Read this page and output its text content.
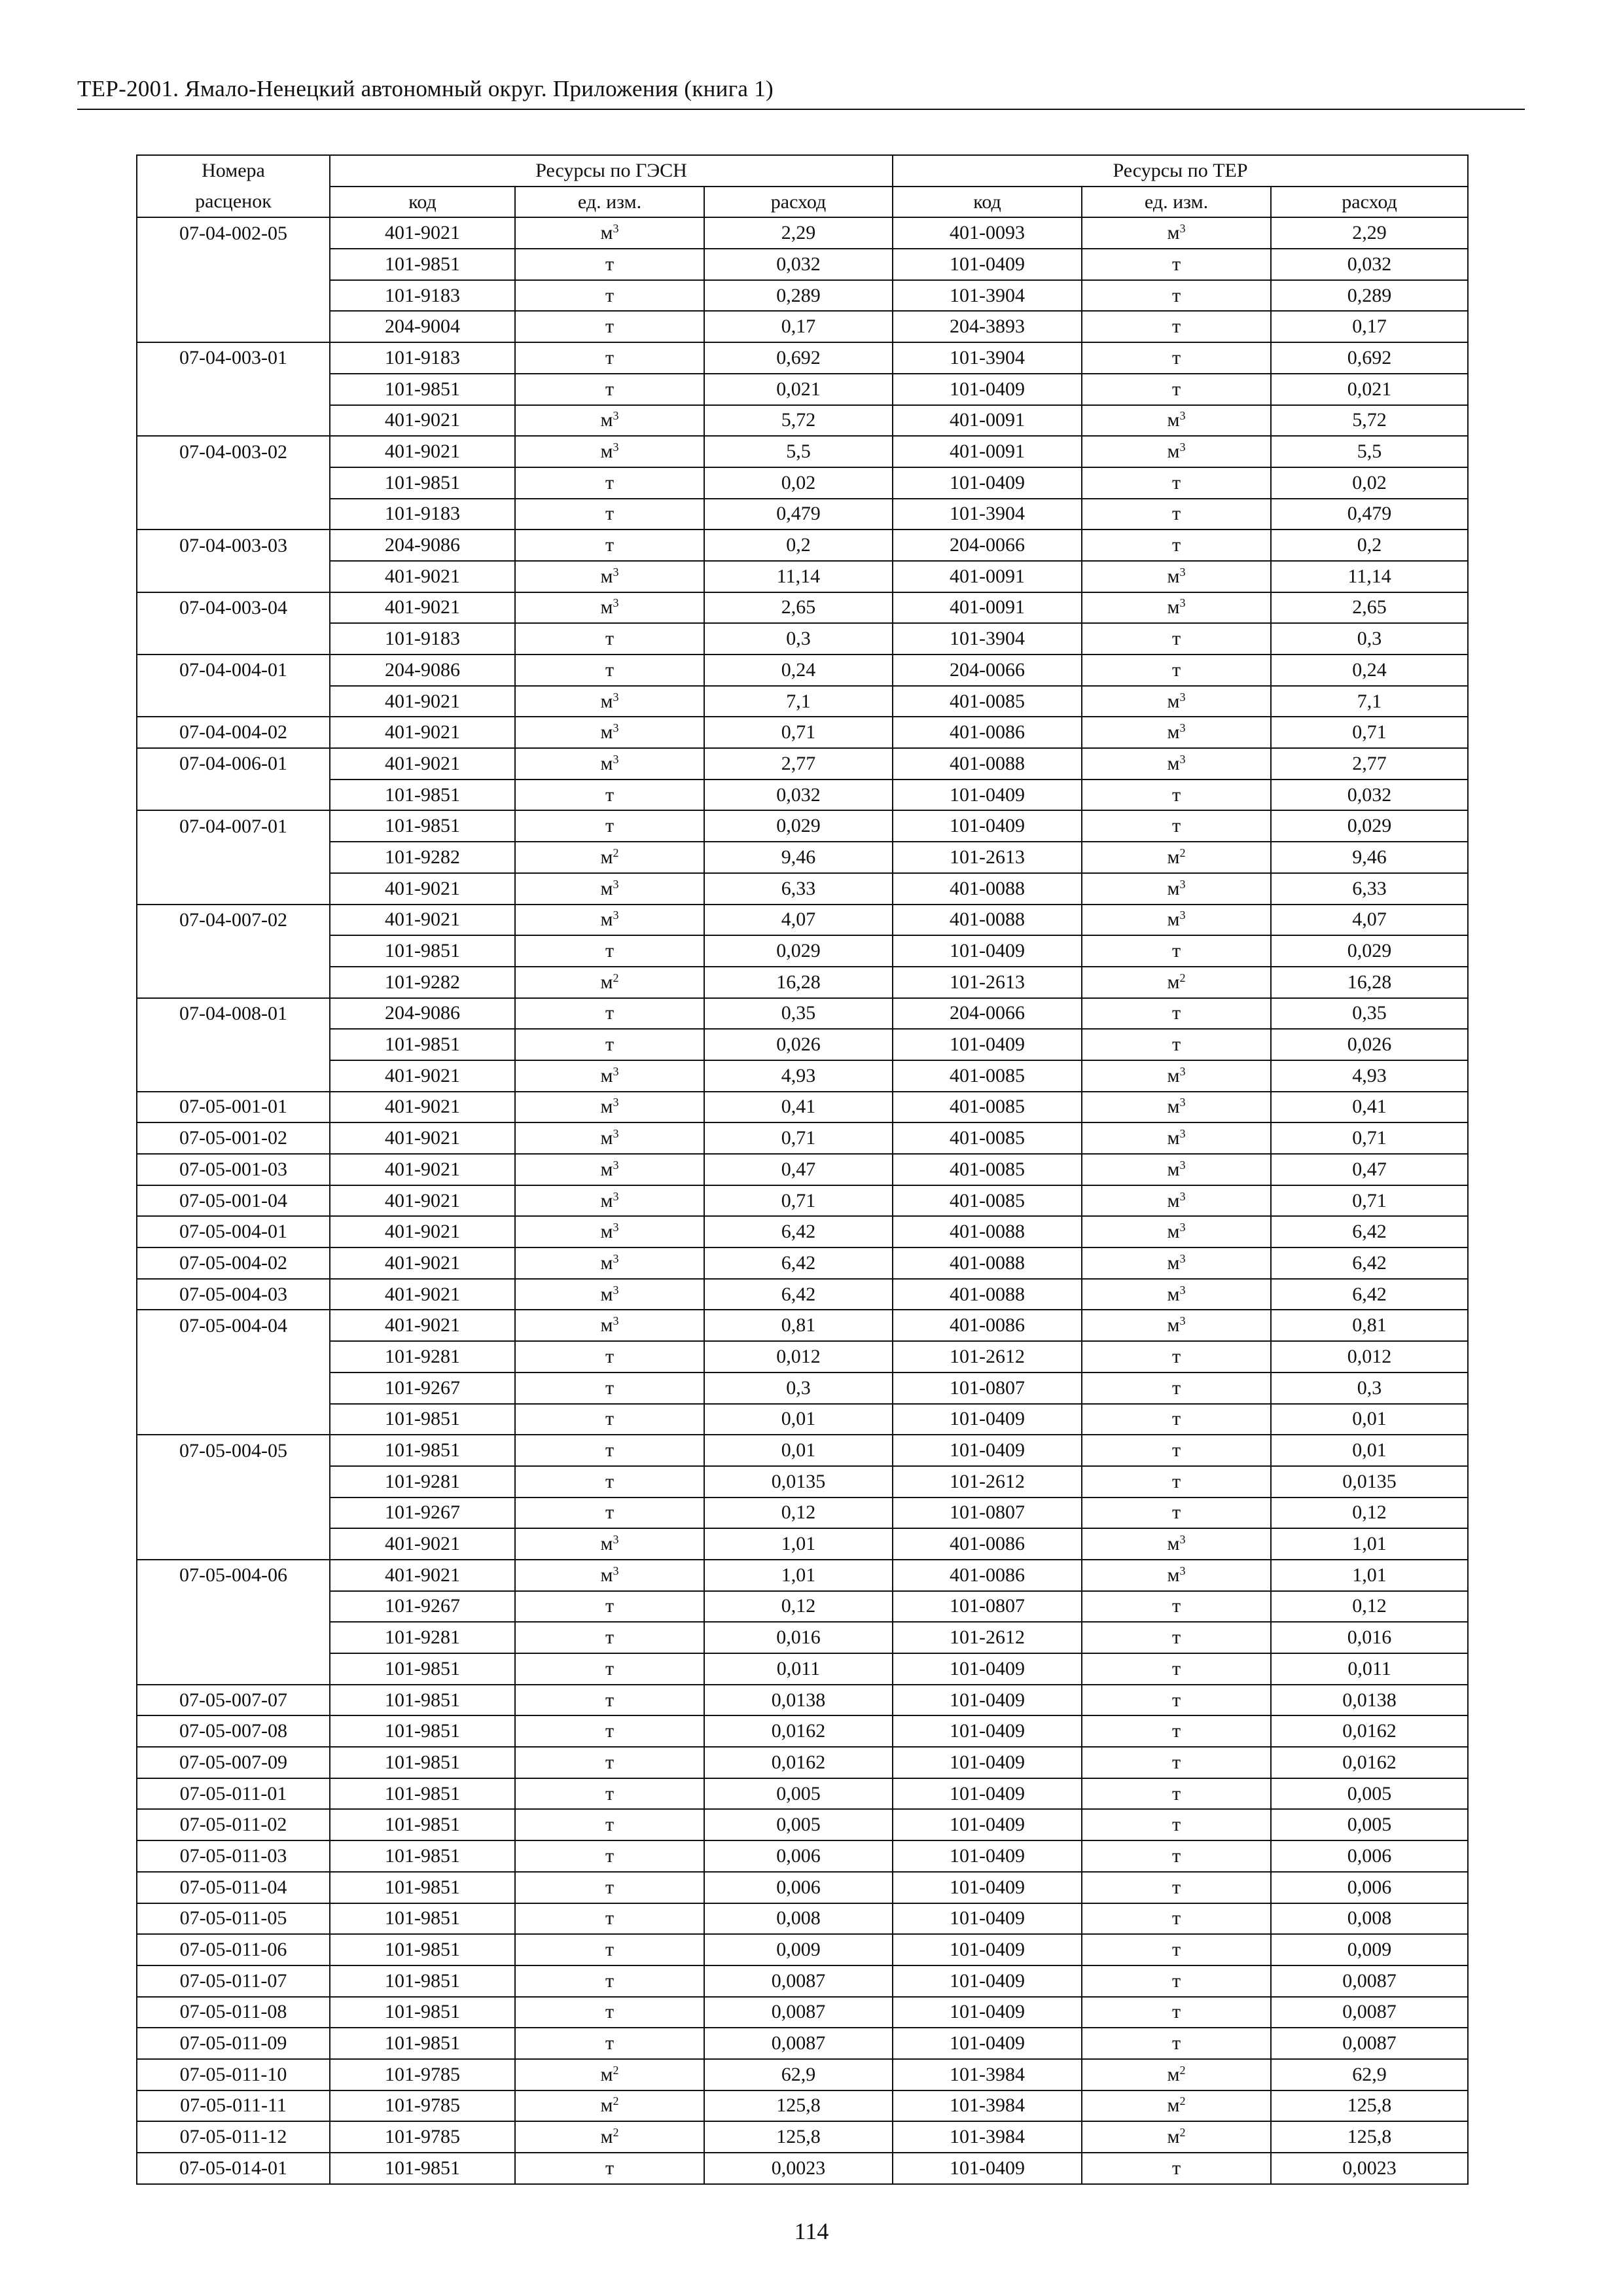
ТЕР-2001. Ямало-Ненецкий автономный округ. Приложения (книга 1)
Номера	Ресурсы по ГЭСН			Ресурсы по ТЕР		
расценок	код	ед. изм.	расход	код	ед. изм.	расход
07-04-002-05	401-9021	$м^3$	2,29	401-0093	$м^3$	2,29
	101-9851	т	0,032	101-0409	т	0,032
	101-9183	т	0,289	101-3904	т	0,289
	204-9004	т	0,17	204-3893	т	0,17
07-04-003-01	101-9183	т	0,692	101-3904	т	0,692
	101-9851	т	0,021	101-0409	т	0,021
	401-9021	$м^3$	5,72	401-0091	$м^3$	5,72
07-04-003-02	401-9021	$м^3$	5,5	401-0091	$м^3$	5,5
	101-9851	т	0,02	101-0409	т	0,02
	101-9183	т	0,479	101-3904	т	0,479
07-04-003-03	204-9086	т	0,2	204-0066	т	0,2
	401-9021	$м^3$	11,14	401-0091	$м^3$	11,14
07-04-003-04	401-9021	$м^3$	2,65	401-0091	$м^3$	2,65
	101-9183	т	0,3	101-3904	т	0,3
07-04-004-01	204-9086	т	0,24	204-0066	т	0,24
	401-9021	$м^3$	7,1	401-0085	$м^3$	7,1
07-04-004-02	401-9021	$м^3$	0,71	401-0086	$м^3$	0,71
07-04-006-01	401-9021	$м^3$	2,77	401-0088	$м^3$	2,77
	101-9851	т	0,032	101-0409	т	0,032
07-04-007-01	101-9851	т	0,029	101-0409	т	0,029
	101-9282	$м^2$	9,46	101-2613	$м^2$	9,46
	401-9021	$м^3$	6,33	401-0088	$м^3$	6,33
07-04-007-02	401-9021	$м^3$	4,07	401-0088	$м^3$	4,07
	101-9851	т	0,029	101-0409	т	0,029
	101-9282	$м^2$	16,28	101-2613	$м^2$	16,28
07-04-008-01	204-9086	т	0,35	204-0066	т	0,35
	101-9851	т	0,026	101-0409	т	0,026
	401-9021	$м^3$	4,93	401-0085	$м^3$	4,93
07-05-001-01	401-9021	$м^3$	0,41	401-0085	$м^3$	0,41
07-05-001-02	401-9021	$м^3$	0,71	401-0085	$м^3$	0,71
07-05-001-03	401-9021	$м^3$	0,47	401-0085	$м^3$	0,47
07-05-001-04	401-9021	$м^3$	0,71	401-0085	$м^3$	0,71
07-05-004-01	401-9021	$м^3$	6,42	401-0088	$м^3$	6,42
07-05-004-02	401-9021	$м^3$	6,42	401-0088	$м^3$	6,42
07-05-004-03	401-9021	$м^3$	6,42	401-0088	$м^3$	6,42
07-05-004-04	401-9021	$м^3$	0,81	401-0086	$м^3$	0,81
	101-9281	т	0,012	101-2612	т	0,012
	101-9267	т	0,3	101-0807	т	0,3
	101-9851	т	0,01	101-0409	т	0,01
07-05-004-05	101-9851	т	0,01	101-0409	т	0,01
	101-9281	т	0,0135	101-2612	т	0,0135
	101-9267	т	0,12	101-0807	т	0,12
	401-9021	$м^3$	1,01	401-0086	$м^3$	1,01
07-05-004-06	401-9021	$м^3$	1,01	401-0086	$м^3$	1,01
	101-9267	т	0,12	101-0807	т	0,12
	101-9281	т	0,016	101-2612	т	0,016
	101-9851	т	0,011	101-0409	т	0,011
07-05-007-07	101-9851	т	0,0138	101-0409	т	0,0138
07-05-007-08	101-9851	т	0,0162	101-0409	т	0,0162
07-05-007-09	101-9851	т	0,0162	101-0409	т	0,0162
07-05-011-01	101-9851	т	0,005	101-0409	т	0,005
07-05-011-02	101-9851	т	0,005	101-0409	т	0,005
07-05-011-03	101-9851	т	0,006	101-0409	т	0,006
07-05-011-04	101-9851	т	0,006	101-0409	т	0,006
07-05-011-05	101-9851	т	0,008	101-0409	т	0,008
07-05-011-06	101-9851	т	0,009	101-0409	т	0,009
07-05-011-07	101-9851	т	0,0087	101-0409	т	0,0087
07-05-011-08	101-9851	т	0,0087	101-0409	т	0,0087
07-05-011-09	101-9851	т	0,0087	101-0409	т	0,0087
07-05-011-10	101-9785	$м^2$	62,9	101-3984	$м^2$	62,9
07-05-011-11	101-9785	$м^2$	125,8	101-3984	$м^2$	125,8
07-05-011-12	101-9785	$м^2$	125,8	101-3984	$м^2$	125,8
07-05-014-01	101-9851	т	0,0023	101-0409	т	0,0023
114
